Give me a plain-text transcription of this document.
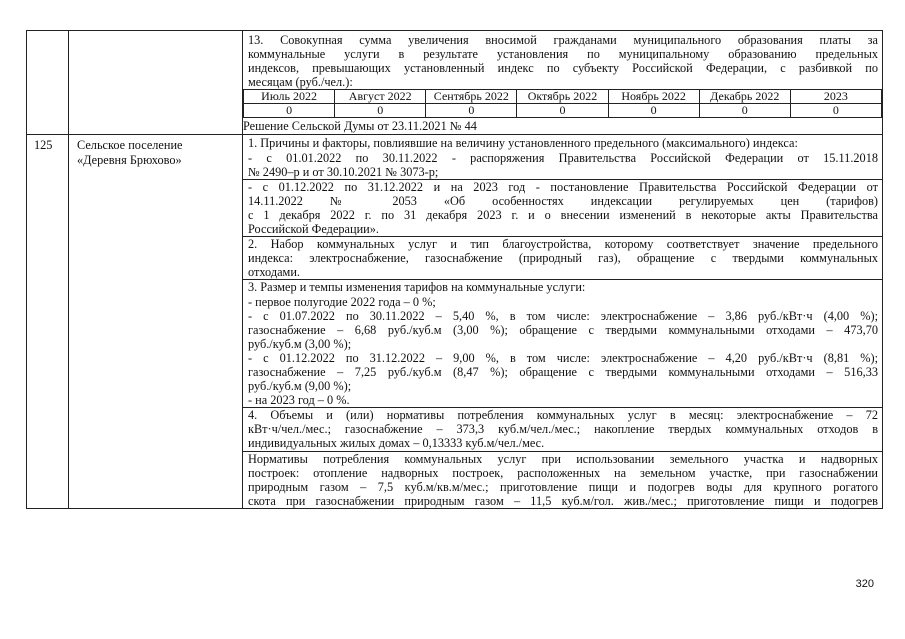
13. Совокупная сумма увеличения вносимой гражданами муниципального образования платы за
коммунальные услуги в результате установления по муниципальному образованию предельных
индексов, превышающих установленный индекс по субъекту Российской Федерации, с разбивкой по
месяцам (руб./чел.):
Июль 2022	Август 2022	Сентябрь 2022	Октябрь 2022	Ноябрь 2022	Декабрь 2022	2023
0	0	0	0	0	0	0
Решение Сельской Думы от 23.11.2021 № 44

125	Сельское поселение
«Деревня Брюхово»

1. Причины и факторы, повлиявшие на величину установленного предельного (максимального) индекса:
- с 01.01.2022 по 30.11.2022 - распоряжения Правительства Российской Федерации от 15.11.2018
№ 2490–р и от 30.10.2021 № 3073-р;
- с 01.12.2022 по 31.12.2022 и на 2023 год - постановление Правительства Российской Федерации от
14.11.2022 № 2053 «Об особенностях индексации регулируемых цен (тарифов)
с 1 декабря 2022 г. по 31 декабря 2023 г. и о внесении изменений в некоторые акты Правительства
Российской Федерации».
2. Набор коммунальных услуг и тип благоустройства, которому соответствует значение предельного
индекса: электроснабжение, газоснабжение (природный газ), обращение с твердыми коммунальных
отходами.
3. Размер и темпы изменения тарифов на коммунальные услуги:
- первое полугодие 2022 года – 0 %;
- с 01.07.2022 по 30.11.2022 – 5,40 %, в том числе: электроснабжение – 3,86 руб./кВт·ч (4,00 %);
газоснабжение – 6,68 руб./куб.м (3,00 %); обращение с твердыми коммунальными отходами – 473,70
руб./куб.м (3,00 %);
- с 01.12.2022 по 31.12.2022 – 9,00 %, в том числе: электроснабжение – 4,20 руб./кВт·ч (8,81 %);
газоснабжение – 7,25 руб./куб.м (8,47 %); обращение с твердыми коммунальными отходами – 516,33
руб./куб.м (9,00 %);
- на 2023 год – 0 %.
4. Объемы и (или) нормативы потребления коммунальных услуг в месяц: электроснабжение – 72
кВт·ч/чел./мес.; газоснабжение – 373,3 куб.м/чел./мес.; накопление твердых коммунальных отходов в
индивидуальных жилых домах – 0,13333 куб.м/чел./мес.
Нормативы потребления коммунальных услуг при использовании земельного участка и надворных
построек: отопление надворных построек, расположенных на земельном участке, при газоснабжении
природным газом – 7,5 куб.м/кв.м/мес.; приготовление пищи и подогрев воды для крупного рогатого
скота при газоснабжении природным газом – 11,5 куб.м/гол. жив./мес.; приготовление пищи и подогрев
320
